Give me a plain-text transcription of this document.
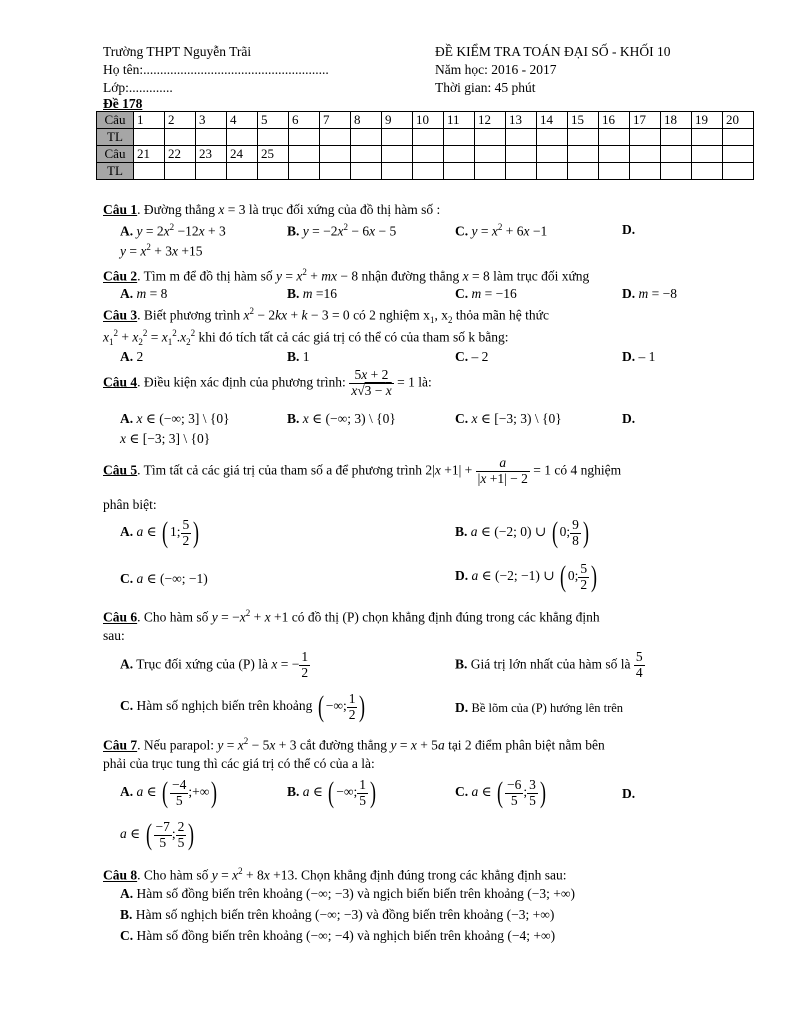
Trường THPT Nguyễn Trãi
Họ tên:.......................................................
Lớp:.............
Đề 178
ĐỀ KIỂM TRA TOÁN ĐẠI SỐ - KHỐI 10
Năm học: 2016 - 2017
Thời gian: 45 phút
Câu	1	2	3	4	5	6	7	8	9	10	11	12	13	14	15	16	17	18	19	20
TL																				
Câu	21	22	23	24	25															
TL																				
Câu 1. Đường thẳng x = 3 là trục đối xứng của đồ thị hàm số :
A. $y = 2x^2 -12x + 3$	B. $y = -2x^2 - 6x - 5$	C. $y = x^2 + 6x -1$	D.
$y = x^2 + 3x +15$
Câu 2. Tìm m để đồ thị hàm số $y = x^2$ + mx − 8 nhận đường thẳng x = 8 làm trục đối xứng
A. m = 8	B. m =16	C. m = −16	D. m = −8
Câu 3. Biết phương trình $x^2 - 2kx + k - 3 = 0$ có 2 nghiệm $x_1$, $x_2$ thỏa mãn hệ thức
$x_1^2 + x_2^2 = x_1^2.x_2^2$ khi đó tích tất cả các giá trị có thể có của tham số k bằng:
A. 2	B. 1	C. – 2	D. – 1
Câu 4. Điều kiện xác định của phương trình: $\frac{5x + 2}{x√3 - x} = 1$ là:
A. x ∈ (−∞; 3] \ {0}	B. x ∈ (−∞; 3) \ {0}	C. x ∈ [−3; 3) \ {0}	D.
x ∈ [−3; 3] \ {0}
Câu 5. Tìm tất cả các giá trị của tham số a để phương trình $2|x +1| + \frac{a}{|x +1| - 2} = 1$ có 4 nghiệm
phân biệt:
A. a ∈ ( 1; $\frac{5}{2}$ )	B. a ∈ (−2; 0) ∪ ( 0; $\frac{9}{8}$ )
C. a ∈ (−∞; −1)	D. a ∈ (−2; −1) ∪ ( 0; $\frac{5}{2}$ )
Câu 6. Cho hàm số $y = -x^2 + x +1$ có đồ thị (P) chọn khẳng định đúng trong các khẳng định
sau:
A. Trục đối xứng của (P) là x = − $\frac{1}{2}$	B. Giá trị lớn nhất của hàm số là $\frac{5}{4}$
C. Hàm số nghịch biến trên khoảng ( −∞; $\frac{1}{2}$ )	D. Bề lõm của (P) hướng lên trên
Câu 7. Nếu parapol: $y = x^2 - 5x + 3$ cắt đường thẳng y = x + 5a tại 2 điểm phân biệt nằm bên
phải của trục tung thì các giá trị có thể có của a là:
A. a ∈ ( $\frac{-4}{5}$ ;+∞)	B. a ∈ ( −∞; $\frac{1}{5}$ )	C. a ∈ ( $\frac{-6}{5}$ ; $\frac{3}{5}$ )	D.
a ∈ ( $\frac{-7}{5}$ ; $\frac{2}{5}$ )
Câu 8. Cho hàm số $y = x^2 + 8x +13$. Chọn khẳng định đúng trong các khẳng định sau:
A. Hàm số đồng biến trên khoảng (−∞; −3) và ngịch biến biến trên khoảng (−3; +∞)
B. Hàm số nghịch biến trên khoảng (−∞; −3) và đồng biến trên khoảng (−3; +∞)
C. Hàm số đồng biến trên khoảng (−∞; −4) và nghịch biến trên khoảng (−4; +∞)
